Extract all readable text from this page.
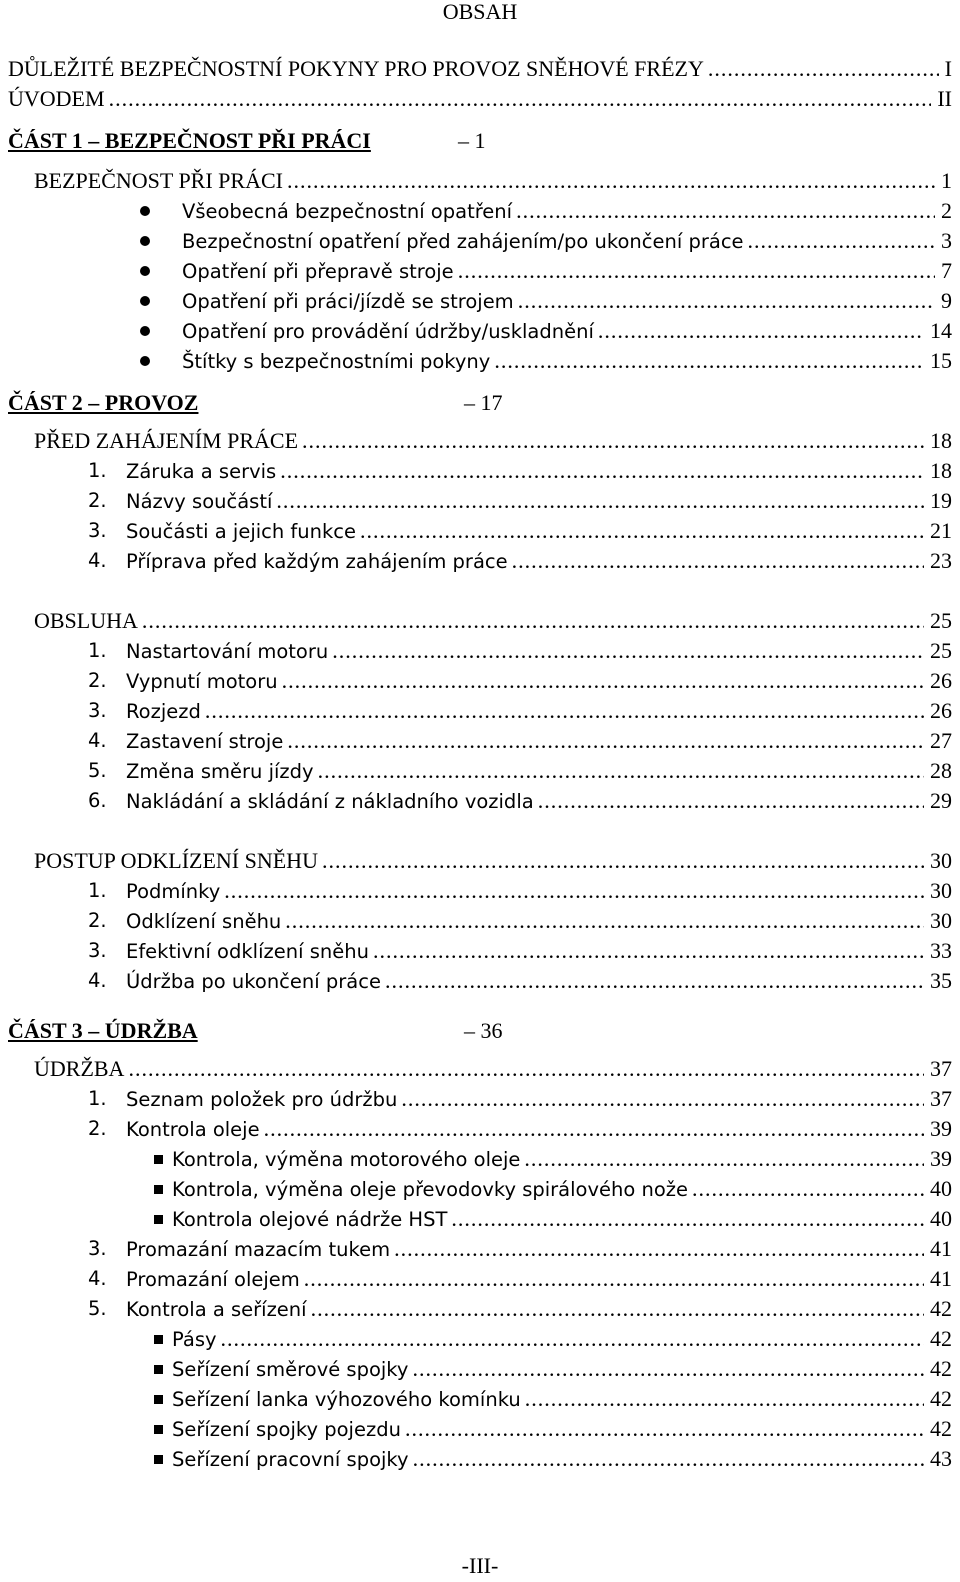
OBSAH
DŮLEŽITÉ BEZPEČNOSTNÍ POKYNY PRO PROVOZ SNĚHOVÉ FRÉZY .....	I
ÚVODEM .....	II
ČÁST 1 – BEZPEČNOST PŘI PRÁCI	– 1
BEZPEČNOST PŘI PRÁCI .....	1
Všeobecná bezpečnostní opatření .....	2
Bezpečnostní opatření před zahájením/po ukončení práce .....	3
Opatření při přepravě stroje .....	7
Opatření při práci/jízdě se strojem .....	9
Opatření pro provádění údržby/uskladnění .....	14
Štítky s bezpečnostními pokyny .....	15
ČÁST 2 – PROVOZ	– 17
PŘED ZAHÁJENÍM PRÁCE .....	18
1. Záruka a servis .....	18
2. Názvy součástí .....	19
3. Součásti a jejich funkce .....	21
4. Příprava před každým zahájením práce .....	23
OBSLUHA .....	25
1. Nastartování motoru .....	25
2. Vypnutí motoru .....	26
3. Rozjezd .....	26
4. Zastavení stroje .....	27
5. Změna směru jízdy .....	28
6. Nakládání a skládání z nákladního vozidla .....	29
POSTUP ODKLÍZENÍ SNĚHU .....	30
1. Podmínky .....	30
2. Odklízení sněhu .....	30
3. Efektivní odklízení sněhu .....	33
4. Údržba po ukončení práce .....	35
ČÁST 3 – ÚDRŽBA	– 36
ÚDRŽBA .....	37
1. Seznam položek pro údržbu .....	37
2. Kontrola oleje .....	39
Kontrola, výměna motorového oleje .....	39
Kontrola, výměna oleje převodovky spirálového nože .....	40
Kontrola olejové nádrže HST .....	40
3. Promazání mazacím tukem .....	41
4. Promazání olejem .....	41
5. Kontrola a seřízení .....	42
Pásy .....	42
Seřízení směrové spojky .....	42
Seřízení lanka výhozového komínku .....	42
Seřízení spojky pojezdu .....	42
Seřízení pracovní spojky .....	43
-III-
